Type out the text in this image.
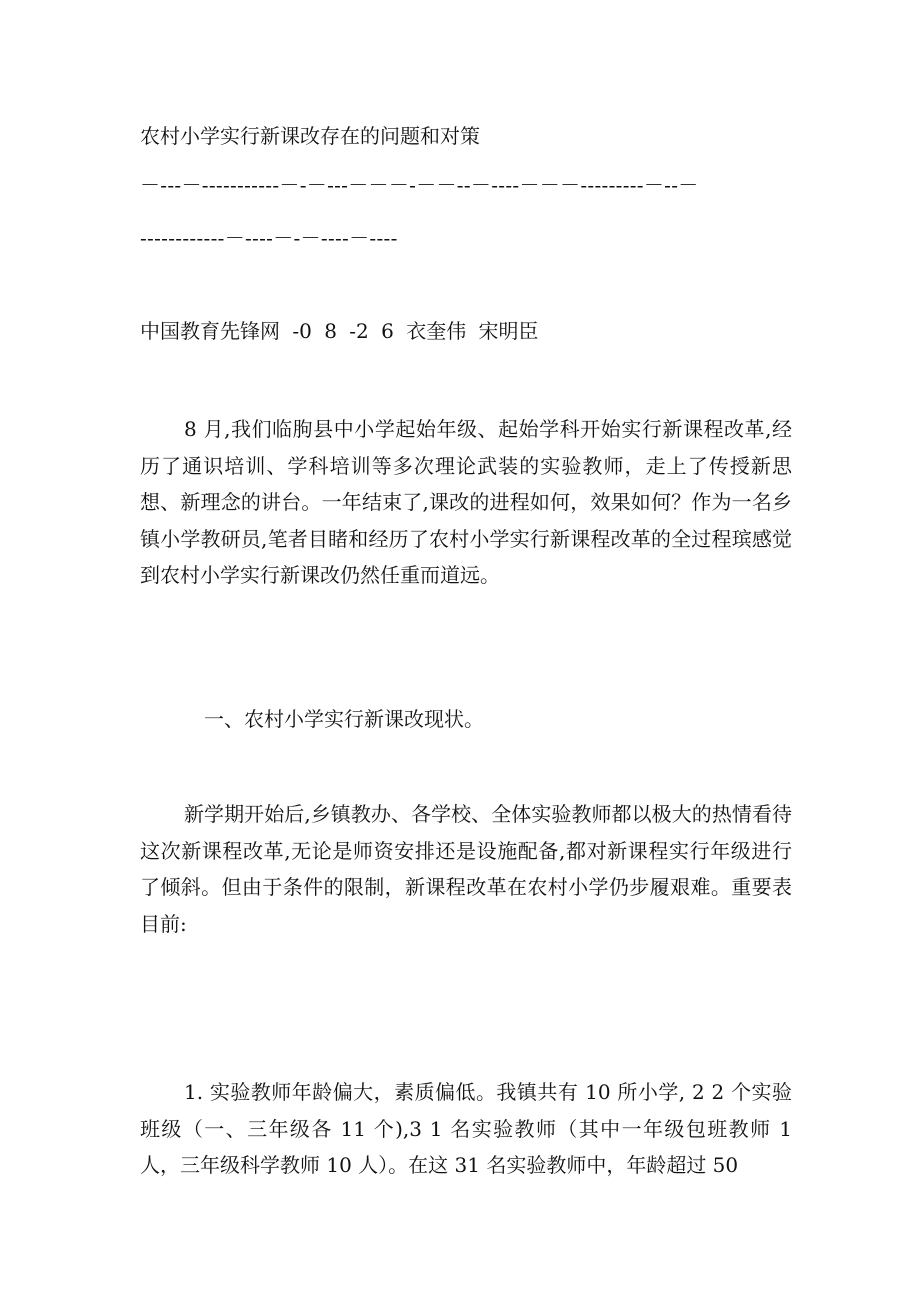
农村小学实行新课改存在的问题和对策
－---－-----------－-－---－－－-－－--－----－－－---------－--－
------------－----－-－----－----
中国教育先锋网 -0 8 -2 6 衣奎伟 宋明臣
8 月,我们临朐县中小学起始年级、起始学科开始实行新课程改革,经历了通识培训、学科培训等多次理论武装的实验教师，走上了传授新思想、新理念的讲台。一年结束了,课改的进程如何，效果如何？作为一名乡镇小学教研员,笔者目睹和经历了农村小学实行新课程改革的全过程瑸感觉到农村小学实行新课改仍然任重而道远。
一、农村小学实行新课改现状。
新学期开始后,乡镇教办、各学校、全体实验教师都以极大的热情看待这次新课程改革,无论是师资安排还是设施配备,都对新课程实行年级进行了倾斜。但由于条件的限制，新课程改革在农村小学仍步履艰难。重要表目前:
1. 实验教师年龄偏大，素质偏低。我镇共有 10 所小学, 2 2 个实验班级（一、三年级各 11 个),3 1 名实验教师（其中一年级包班教师 1 人，三年级科学教师 10 人）。在这 31 名实验教师中，年龄超过 50
